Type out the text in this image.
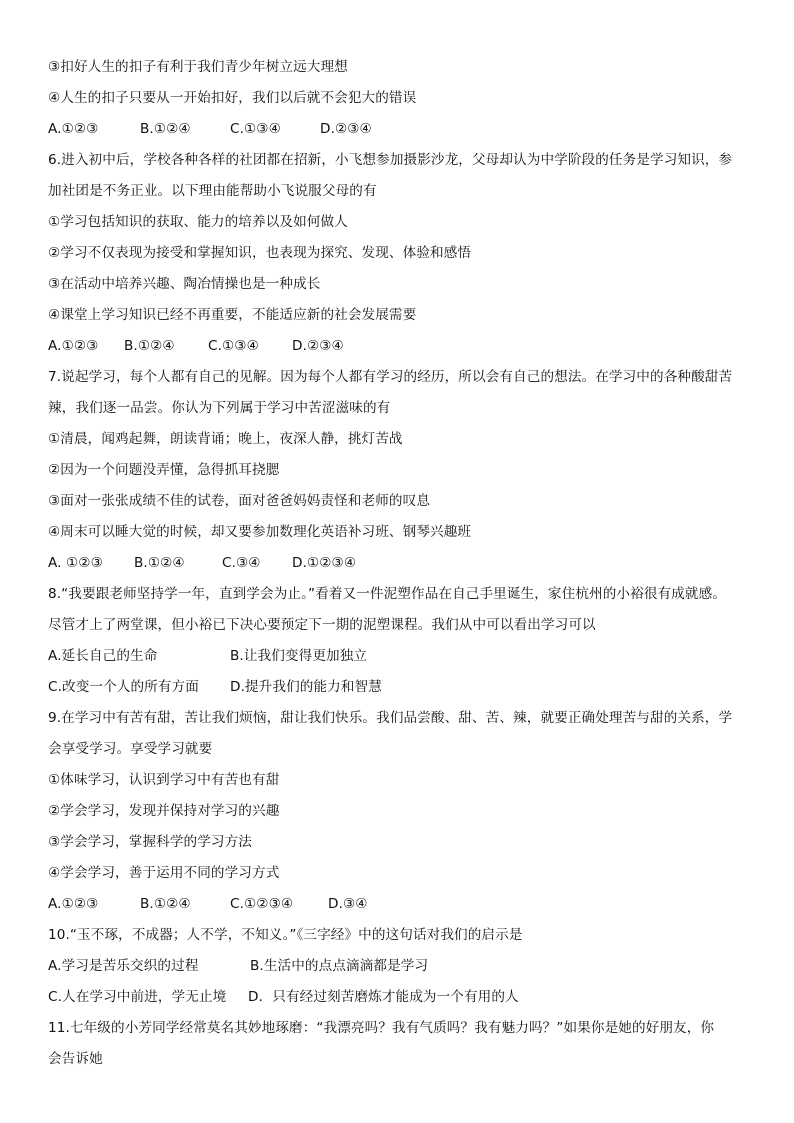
③扣好人生的扣子有利于我们青少年树立远大理想
④人生的扣子只要从一开始扣好，我们以后就不会犯大的错误
A.①②③	B.①②④	C.①③④	D.②③④
6.进入初中后，学校各种各样的社团都在招新，小飞想参加摄影沙龙，父母却认为中学阶段的任务是学习知识，参
加社团是不务正业。以下理由能帮助小飞说服父母的有
①学习包括知识的获取、能力的培养以及如何做人
②学习不仅表现为接受和掌握知识，也表现为探究、发现、体验和感悟
③在活动中培养兴趣、陶冶情操也是一种成长
④课堂上学习知识已经不再重要，不能适应新的社会发展需要
A.①②③ B.①②④ C.①③④ D.②③④
7.说起学习，每个人都有自己的见解。因为每个人都有学习的经历，所以会有自己的想法。在学习中的各种酸甜苦
辣，我们逐一品尝。你认为下列属于学习中苦涩滋味的有
①清晨，闻鸡起舞，朗读背诵；晚上，夜深人静，挑灯苦战
②因为一个问题没弄懂，急得抓耳挠腮
③面对一张张成绩不佳的试卷，面对爸爸妈妈责怪和老师的叹息
④周末可以睡大觉的时候，却又要参加数理化英语补习班、钢琴兴趣班
A. ①②③ B.①②④	C.③④ D.①②③④
8.“我要跟老师坚持学一年，直到学会为止。”看着又一件泥塑作品在自己手里诞生，家住杭州的小裕很有成就感。
尽管才上了两堂课，但小裕已下决心要预定下一期的泥塑课程。我们从中可以看出学习可以
A.延长自己的生命	B.让我们变得更加独立
C.改变一个人的所有方面 D.提升我们的能力和智慧
9.在学习中有苦有甜，苦让我们烦恼，甜让我们快乐。我们品尝酸、甜、苦、辣，就要正确处理苦与甜的关系，学
会享受学习。享受学习就要
①体味学习，认识到学习中有苦也有甜
②学会学习，发现并保持对学习的兴趣
③学会学习，掌握科学的学习方法
④学会学习，善于运用不同的学习方式
A.①②③	B.①②④	C.①②③④	D.③④
10.“玉不琢，不成器；人不学，不知义。”《三字经》中的这句话对我们的启示是
A.学习是苦乐交织的过程	B.生活中的点点滴滴都是学习
C.人在学习中前进，学无止境 D．只有经过刻苦磨炼才能成为一个有用的人
11.七年级的小芳同学经常莫名其妙地琢磨：“我漂亮吗？我有气质吗？我有魅力吗？”如果你是她的好朋友，你
会告诉她
